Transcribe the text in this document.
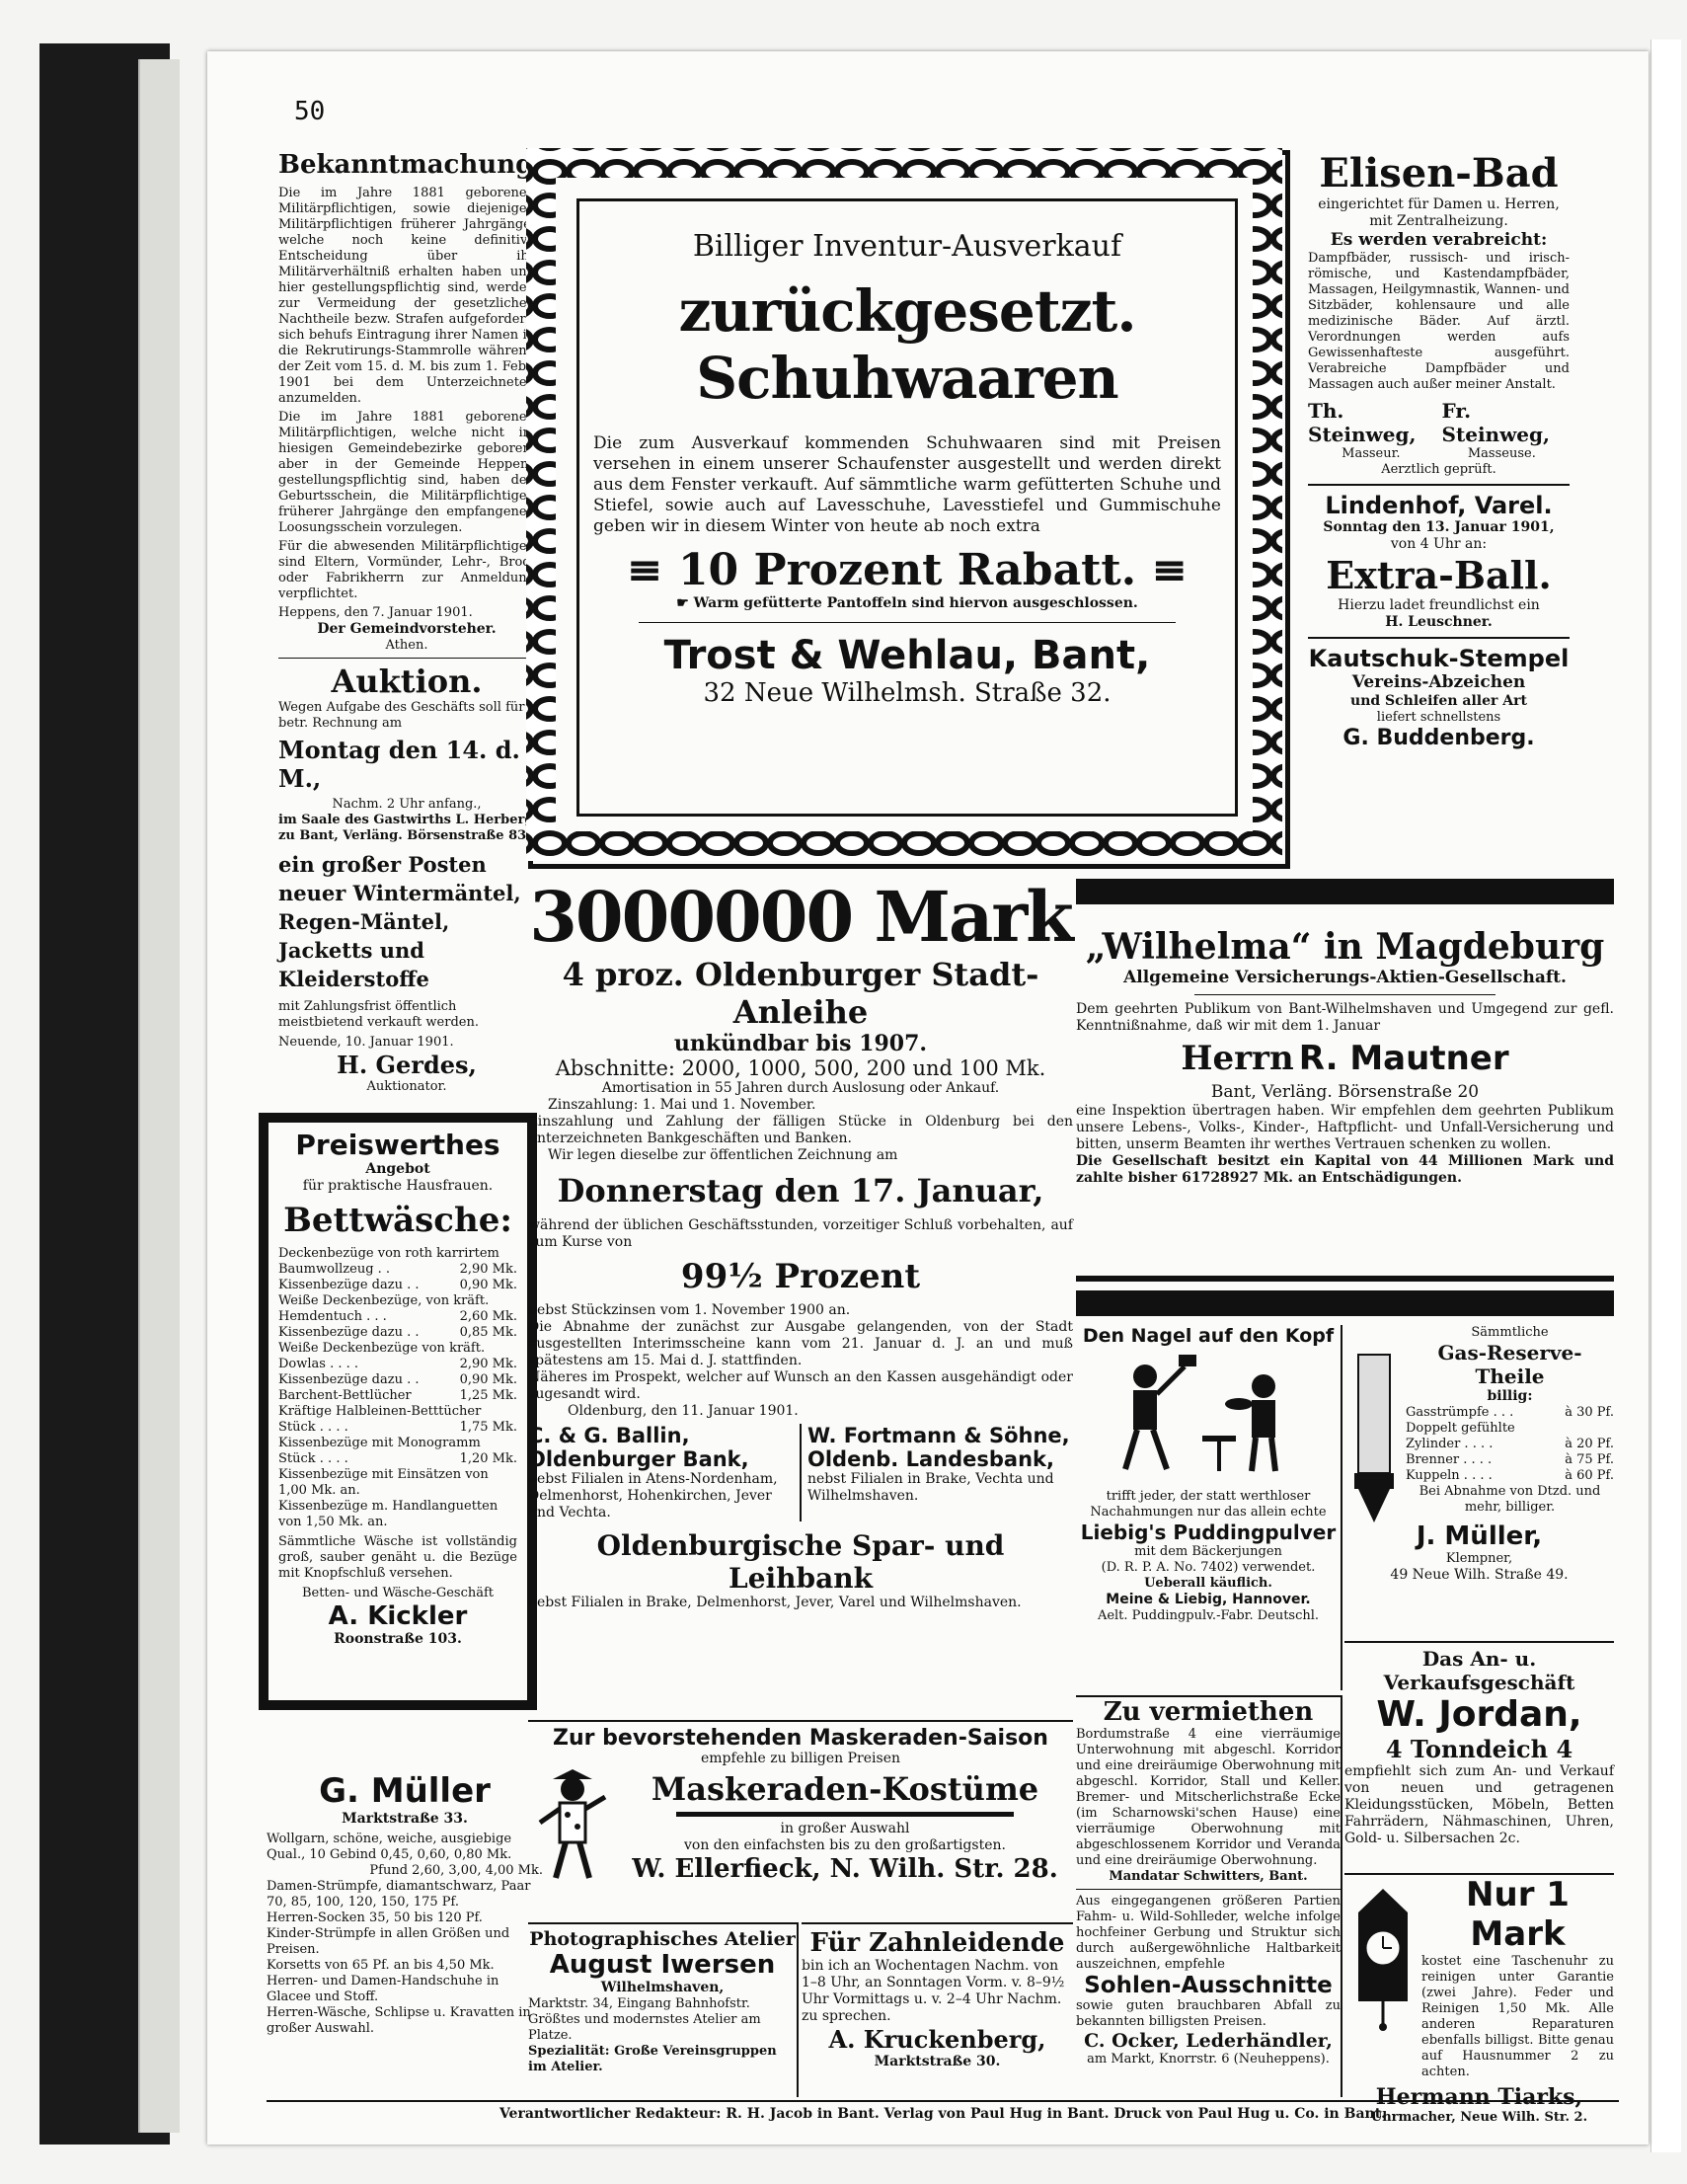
50
Bekanntmachung.

Die im Jahre 1881 geborenen Militärpflichtigen, sowie diejenigen Militärpflichtigen früherer Jahrgänge, welche noch keine definitive Entscheidung über ihr Militärverhältniß erhalten haben und hier gestellungspflichtig sind, werden zur Vermeidung der gesetzlichen Nachtheile bezw. Strafen aufgefordert, sich behufs Eintragung ihrer Namen in die Rekrutirungs-Stammrolle während der Zeit vom 15. d. M. bis zum 1. Febr. 1901 bei dem Unterzeichneten anzumelden.

Die im Jahre 1881 geborenen Militärpflichtigen, welche nicht im hiesigen Gemeindebezirke geboren, aber in der Gemeinde Heppens gestellungspflichtig sind, haben den Geburtsschein, die Militärpflichtigen früherer Jahrgänge den empfangenen Loosungsschein vorzulegen.

Für die abwesenden Militärpflichtigen sind Eltern, Vormünder, Lehr-, Brod- oder Fabrikherrn zur Anmeldung verpflichtet.

Heppens, den 7. Januar 1901.

Der Gemeindvorsteher.

Athen.

Auktion.

Wegen Aufgabe des Geschäfts soll für betr. Rechnung am

Montag den 14. d. M.,

Nachm. 2 Uhr anfang.,

im Saale des Gastwirths L. Herberg zu Bant, Verläng. Börsenstraße 83:

ein großer Posten neuer Wintermäntel, Regen-Mäntel, Jacketts und Kleiderstoffe

mit Zahlungsfrist öffentlich meistbietend verkauft werden.

Neuende, 10. Januar 1901.

H. Gerdes,

Auktionator.

Preiswerthes
Angebot
für praktische Hausfrauen.
Bettwäsche:
Deckenbezüge von roth karrirtem
Baumwollzeug . .	2,90 Mk.
Kissenbezüge dazu . .	0,90 Mk.
Weiße Deckenbezüge, von kräft.
Hemdentuch . . .	2,60 Mk.
Kissenbezüge dazu . .	0,85 Mk.
Weiße Deckenbezüge von kräft.
Dowlas . . . .	2,90 Mk.
Kissenbezüge dazu . .	0,90 Mk.
Barchent-Bettlücher	1,25 Mk.
Kräftige Halbleinen-Betttücher
Stück . . . .	1,75 Mk.
Kissenbezüge mit Monogramm
Stück . . . .	1,20 Mk.
Kissenbezüge mit Einsätzen von
1,00 Mk. an.
Kissenbezüge m. Handlanguetten
von 1,50 Mk. an.

Sämmtliche Wäsche ist vollständig groß, sauber genäht u. die Bezüge mit Knopfschluß versehen.

Betten- und Wäsche-Geschäft

A. Kickler
Roonstraße 103.
G. Müller
Marktstraße 33.

Wollgarn, schöne, weiche, ausgiebige Qual., 10 Gebind 0,45, 0,60, 0,80 Mk.

Pfund 2,60, 3,00, 4,00 Mk.

Damen-Strümpfe, diamantschwarz, Paar 70, 85, 100, 120, 150, 175 Pf.

Herren-Socken 35, 50 bis 120 Pf.

Kinder-Strümpfe in allen Größen und Preisen.

Korsetts von 65 Pf. an bis 4,50 Mk.

Herren- und Damen-Handschuhe in Glacee und Stoff.

Herren-Wäsche, Schlipse u. Kravatten in großer Auswahl.

Billiger Inventur-Ausverkauf
zurückgesetzt. Schuhwaaren

Die zum Ausverkauf kommenden Schuhwaaren sind mit Preisen versehen in einem unserer Schaufenster ausgestellt und werden direkt aus dem Fenster verkauft. Auf sämmtliche warm gefütterten Schuhe und Stiefel, sowie auch auf Lavesschuhe, Lavesstiefel und Gummischuhe geben wir in diesem Winter von heute ab noch extra

≡ 10 Prozent Rabatt. ≡
☛ Warm gefütterte Pantoffeln sind hiervon ausgeschlossen.
Trost & Wehlau, Bant,
32 Neue Wilhelmsh. Straße 32.
Elisen-Bad

eingerichtet für Damen u. Herren, mit Zentralheizung.

Es werden verabreicht:

Dampfbäder, russisch- und irisch-römische, und Kastendampfbäder, Massagen, Heilgymnastik, Wannen- und Sitzbäder, kohlensaure und alle medizinische Bäder. Auf ärztl. Verordnungen werden aufs Gewissenhafteste ausgeführt. Verabreiche Dampfbäder und Massagen auch außer meiner Anstalt.

Th. Steinweg,
Fr. Steinweg,
Masseur.	Masseuse.

Aerztlich geprüft.

Lindenhof, Varel.

Sonntag den 13. Januar 1901,

von 4 Uhr an:

Extra-Ball.

Hierzu ladet freundlichst ein

H. Leuschner.

Kautschuk-Stempel

Vereins-Abzeichen

und Schleifen aller Art

liefert schnellstens

G. Buddenberg.
3000000 Mark
4 proz. Oldenburger Stadt-Anleihe
unkündbar bis 1907.
Abschnitte: 2000, 1000, 500, 200 und 100 Mk.

Amortisation in 55 Jahren durch Auslosung oder Ankauf.

Zinszahlung: 1. Mai und 1. November.

Zinszahlung und Zahlung der fälligen Stücke in Oldenburg bei den unterzeichneten Bankgeschäften und Banken.

Wir legen dieselbe zur öffentlichen Zeichnung am

Donnerstag den 17. Januar,

während der üblichen Geschäftsstunden, vorzeitiger Schluß vorbehalten, auf zum Kurse von

99½ Prozent

nebst Stückzinsen vom 1. November 1900 an.

Die Abnahme der zunächst zur Ausgabe gelangenden, von der Stadt ausgestellten Interimsscheine kann vom 21. Januar d. J. an und muß spätestens am 15. Mai d. J. stattfinden.

Näheres im Prospekt, welcher auf Wunsch an den Kassen ausgehändigt oder zugesandt wird.

Oldenburg, den 11. Januar 1901.

C. & G. Ballin,
Oldenburger Bank,

nebst Filialen in Atens-Nordenham, Delmenhorst, Hohenkirchen, Jever und Vechta.

W. Fortmann & Söhne,
Oldenb. Landesbank,

nebst Filialen in Brake, Vechta und Wilhelmshaven.

Oldenburgische Spar- und Leihbank

nebst Filialen in Brake, Delmenhorst, Jever, Varel und Wilhelmshaven.

Zur bevorstehenden Maskeraden-Saison

empfehle zu billigen Preisen

Maskeraden-Kostüme

in großer Auswahl

von den einfachsten bis zu den großartigsten.

W. Ellerfieck, N. Wilh. Str. 28.
Photographisches Atelier
August Iwersen

Wilhelmshaven,

Marktstr. 34, Eingang Bahnhofstr.

Größtes und modernstes Atelier am Platze.

Spezialität: Große Vereinsgruppen im Atelier.

Für Zahnleidende

bin ich an Wochentagen Nachm. von 1–8 Uhr, an Sonntagen Vorm. v. 8–9½ Uhr Vormittags u. v. 2–4 Uhr Nachm. zu sprechen.

A. Kruckenberg,

Marktstraße 30.

„Wilhelma“ in Magdeburg

Allgemeine Versicherungs-Aktien-Gesellschaft.

Dem geehrten Publikum von Bant-Wilhelmshaven und Umgegend zur gefl. Kenntnißnahme, daß wir mit dem 1. Januar

Herrn R. Mautner

Bant, Verläng. Börsenstraße 20

eine Inspektion übertragen haben. Wir empfehlen dem geehrten Publikum unsere Lebens-, Volks-, Kinder-, Haftpflicht- und Unfall-Versicherung und bitten, unserm Beamten ihr werthes Vertrauen schenken zu wollen.

Die Gesellschaft besitzt ein Kapital von 44 Millionen Mark und zahlte bisher 61728927 Mk. an Entschädigungen.

Den Nagel auf den Kopf

trifft jeder, der statt werthloser Nachahmungen nur das allein echte

Liebig's Puddingpulver

mit dem Bäckerjungen

(D. R. P. A. No. 7402) verwendet.

Ueberall käuflich.

Meine & Liebig, Hannover.

Aelt. Puddingpulv.-Fabr. Deutschl.

Sämmtliche

Gas-Reserve-Theile

billig:

Gasstrümpfe . . .	à 30 Pf.
Doppelt gefühlte
Zylinder . . . .	à 20 Pf.
Brenner . . . .	à 75 Pf.
Kuppeln . . . .	à 60 Pf.

Bei Abnahme von Dtzd. und mehr, billiger.

J. Müller,

Klempner,

49 Neue Wilh. Straße 49.

Zu vermiethen

Bordumstraße 4 eine vierräumige Unterwohnung mit abgeschl. Korridor und eine dreiräumige Oberwohnung mit abgeschl. Korridor, Stall und Keller. Bremer- und Mitscherlichstraße Ecke (im Scharnowski'schen Hause) eine vierräumige Oberwohnung mit abgeschlossenem Korridor und Veranda und eine dreiräumige Oberwohnung.

Mandatar Schwitters, Bant.

Aus eingegangenen größeren Partien Fahm- u. Wild-Sohlleder, welche infolge hochfeiner Gerbung und Struktur sich durch außergewöhnliche Haltbarkeit auszeichnen, empfehle

Sohlen-Ausschnitte

sowie guten brauchbaren Abfall zu bekannten billigsten Preisen.

C. Ocker, Lederhändler,

am Markt, Knorrstr. 6 (Neuheppens).

Das An- u. Verkaufsgeschäft
W. Jordan,
4 Tonndeich 4

empfiehlt sich zum An- und Verkauf von neuen und getragenen Kleidungsstücken, Möbeln, Betten Fahrrädern, Nähmaschinen, Uhren, Gold- u. Silbersachen 2c.

Nur 1 Mark

kostet eine Taschenuhr zu reinigen unter Garantie (zwei Jahre). Feder und Reinigen 1,50 Mk. Alle anderen Reparaturen ebenfalls billigst. Bitte genau auf Hausnummer 2 zu achten.

Hermann Tiarks,

Uhrmacher, Neue Wilh. Str. 2.

Verantwortlicher Redakteur: R. H. Jacob in Bant. Verlag von Paul Hug in Bant. Druck von Paul Hug u. Co. in Bant.
